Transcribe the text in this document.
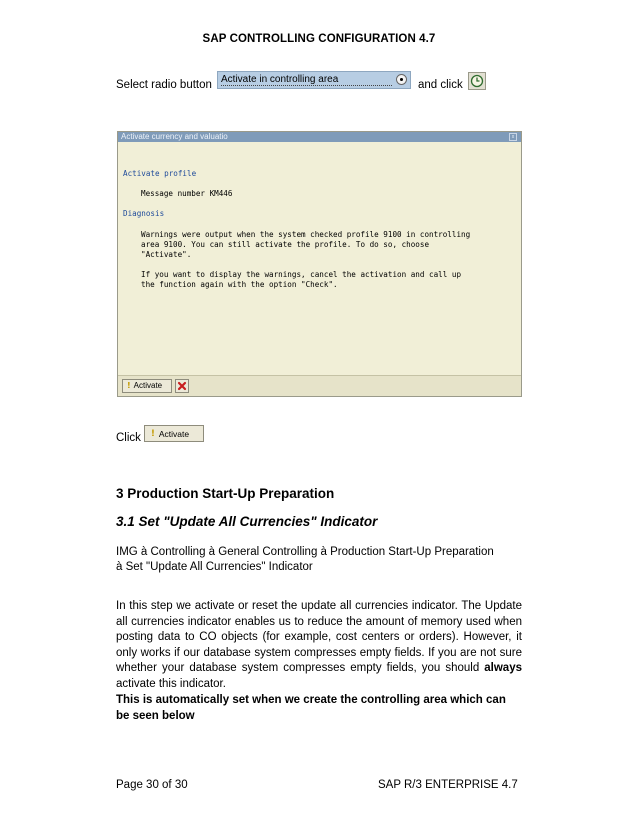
SAP CONTROLLING CONFIGURATION 4.7
Select radio button Activate in controlling area	and click
Activate currency and valuatio	x
Activate profile
Message number KM446
Diagnosis
Warnings were output when the system checked profile 9100 in controlling
area 9100. You can still activate the profile. To do so, choose
"Activate".
If you want to display the warnings, cancel the activation and call up
the function again with the option "Check".
! Activate
Click ! Activate
3 Production Start-Up Preparation
3.1 Set "Update All Currencies" Indicator
IMG à Controlling à General Controlling à Production Start-Up Preparation
à Set "Update All Currencies" Indicator
In this step we activate or reset the update all currencies indicator. The Update all currencies indicator enables us to reduce the amount of memory used when posting data to CO objects (for example, cost centers or orders). However, it only works if our database system compresses empty fields. If you are not sure whether your database system compresses empty fields, you should always activate this indicator.
This is automatically set when we create the controlling area which can be seen below
Page 30 of 30	SAP R/3 ENTERPRISE 4.7
